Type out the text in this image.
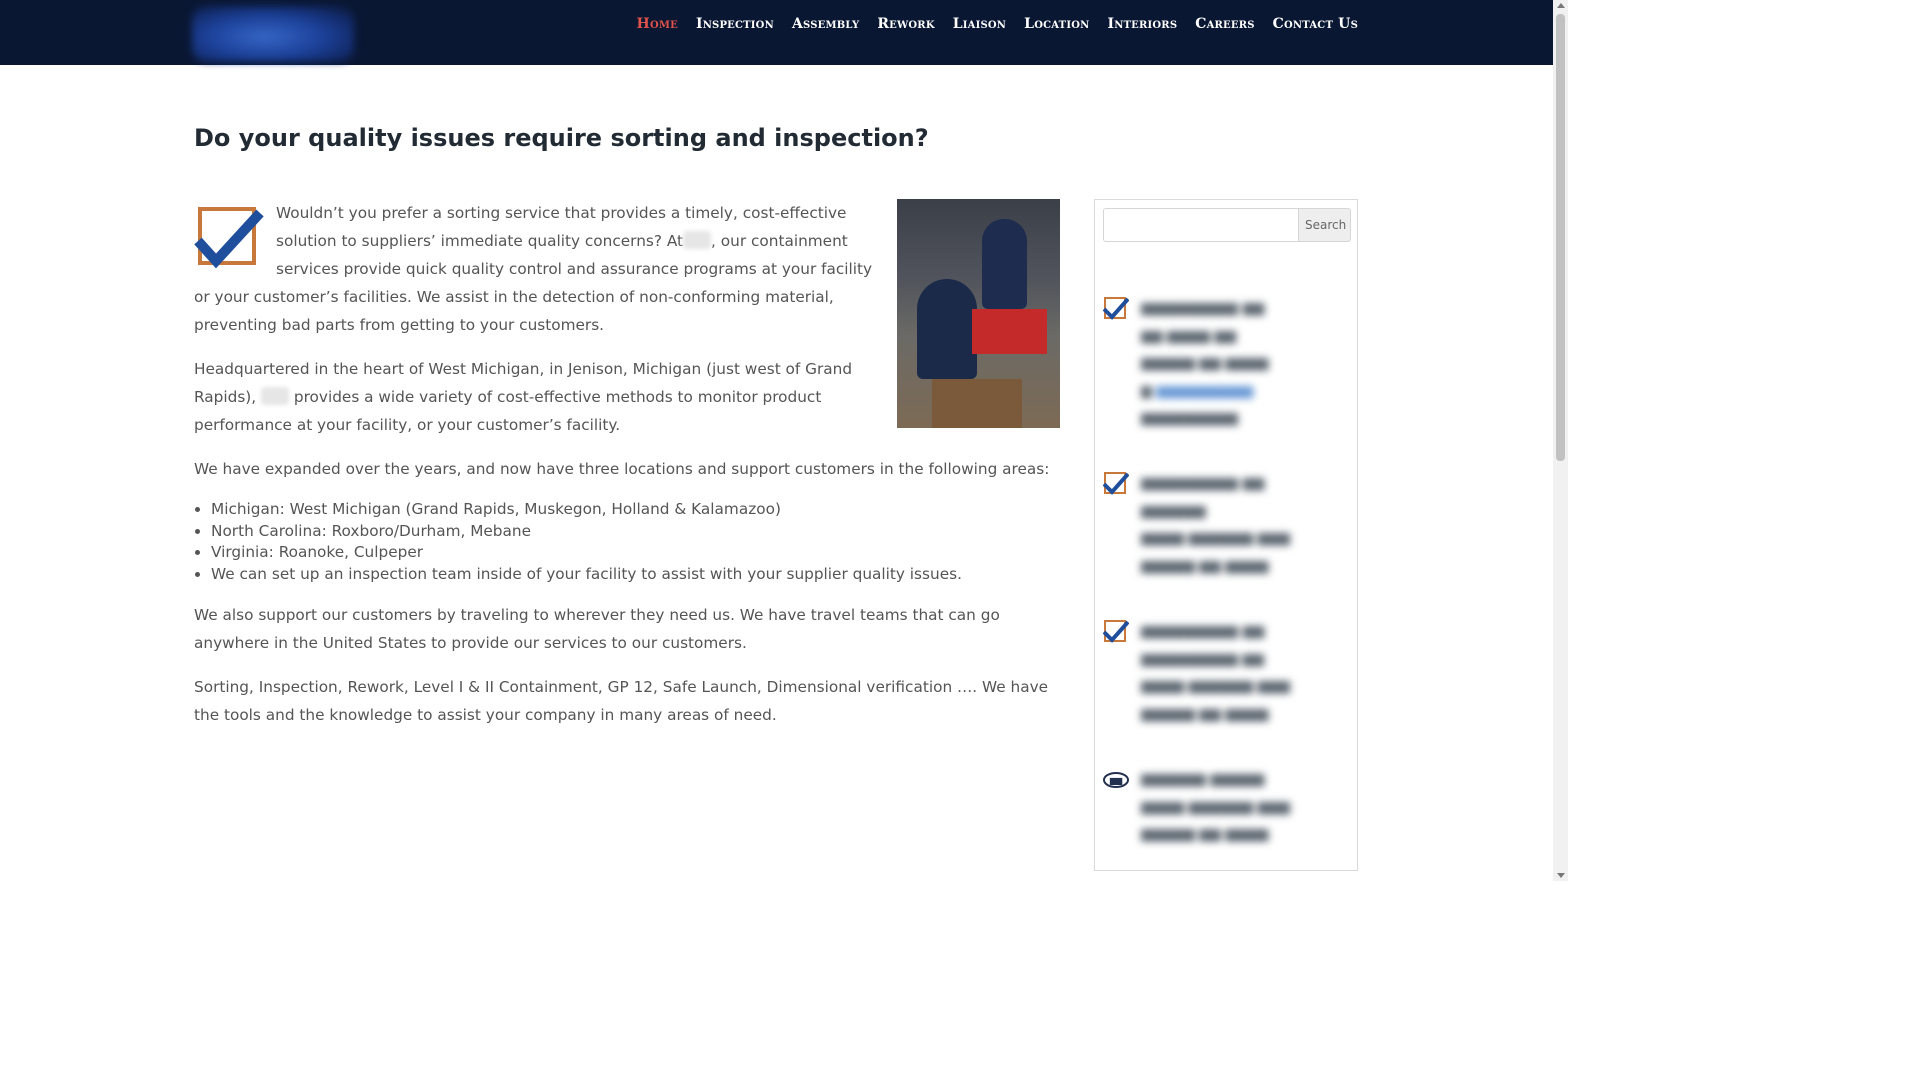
Home Inspection Assembly Rework Liaison Location Interiors Careers Contact Us
Do your quality issues require sorting and inspection?

Wouldn’t you prefer a sorting service that provides a timely, cost-effective solution to suppliers’ immediate quality concerns? At , our containment services provide quick quality control and assurance programs at your facility or your customer’s facilities. We assist in the detection of non-conforming material, preventing bad parts from getting to your customers.

Headquartered in the heart of West Michigan, in Jenison, Michigan (just west of Grand Rapids), provides a wide variety of cost-effective methods to monitor product performance at your facility, or your customer’s facility.

We have expanded over the years, and now have three locations and support customers in the following areas:

• Michigan: West Michigan (Grand Rapids, Muskegon, Holland & Kalamazoo)
• North Carolina: Roxboro/Durham, Mebane
• Virginia: Roanoke, Culpeper
• We can set up an inspection team inside of your facility to assist with your supplier quality issues.

We also support our customers by traveling to wherever they need us. We have travel teams that can go anywhere in the United States to provide our services to our customers.

Sorting, Inspection, Rework, Level I & II Containment, GP 12, Safe Launch, Dimensional verification …. We have the tools and the knowledge to assist your company in many areas of need.

Search
▆▆▆▆▆▆▆▆▆ ▆▆
▆▆ ▆▆▆▆ ▆▆
▆▆▆▆▆ ▆▆ ▆▆▆▆
▆ ▆▆▆▆▆▆▆▆▆
▆▆▆▆▆▆▆▆▆
▆▆▆▆▆▆▆▆▆ ▆▆
▆▆▆▆▆▆
▆▆▆▆ ▆▆▆▆▆▆ ▆▆▆
▆▆▆▆▆ ▆▆ ▆▆▆▆
▆▆▆▆▆▆▆▆▆ ▆▆
▆▆▆▆▆▆▆▆▆ ▆▆
▆▆▆▆ ▆▆▆▆▆▆ ▆▆▆
▆▆▆▆▆ ▆▆ ▆▆▆▆
▆▆ ▆▆▆▆▆▆ ▆▆▆▆▆
▆▆▆▆ ▆▆▆▆▆▆ ▆▆▆
▆▆▆▆▆ ▆▆ ▆▆▆▆
